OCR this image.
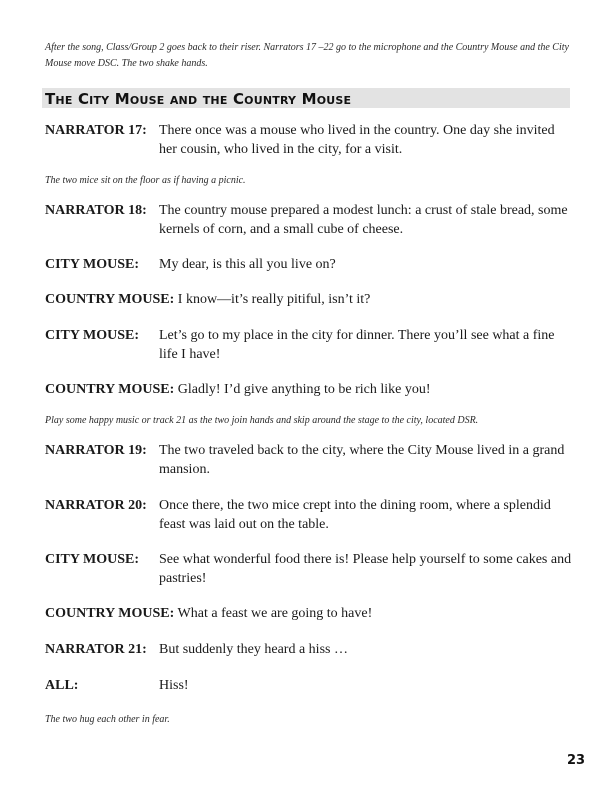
After the song, Class/Group 2 goes back to their riser. Narrators 17 –22 go to the microphone and the Country Mouse and the City Mouse move DSC. The two shake hands.
The City Mouse and the Country Mouse
NARRATOR 17: There once was a mouse who lived in the country. One day she invited her cousin, who lived in the city, for a visit.
The two mice sit on the floor as if having a picnic.
NARRATOR 18: The country mouse prepared a modest lunch: a crust of stale bread, some kernels of corn, and a small cube of cheese.
CITY MOUSE: My dear, is this all you live on?
COUNTRY MOUSE: I know—it’s really pitiful, isn’t it?
CITY MOUSE: Let’s go to my place in the city for dinner. There you’ll see what a fine life I have!
COUNTRY MOUSE: Gladly! I’d give anything to be rich like you!
Play some happy music or track 21 as the two join hands and skip around the stage to the city, located DSR.
NARRATOR 19: The two traveled back to the city, where the City Mouse lived in a grand mansion.
NARRATOR 20: Once there, the two mice crept into the dining room, where a splendid feast was laid out on the table.
CITY MOUSE: See what wonderful food there is! Please help yourself to some cakes and pastries!
COUNTRY MOUSE: What a feast we are going to have!
NARRATOR 21: But suddenly they heard a hiss …
ALL:	Hiss!
The two hug each other in fear.
23
